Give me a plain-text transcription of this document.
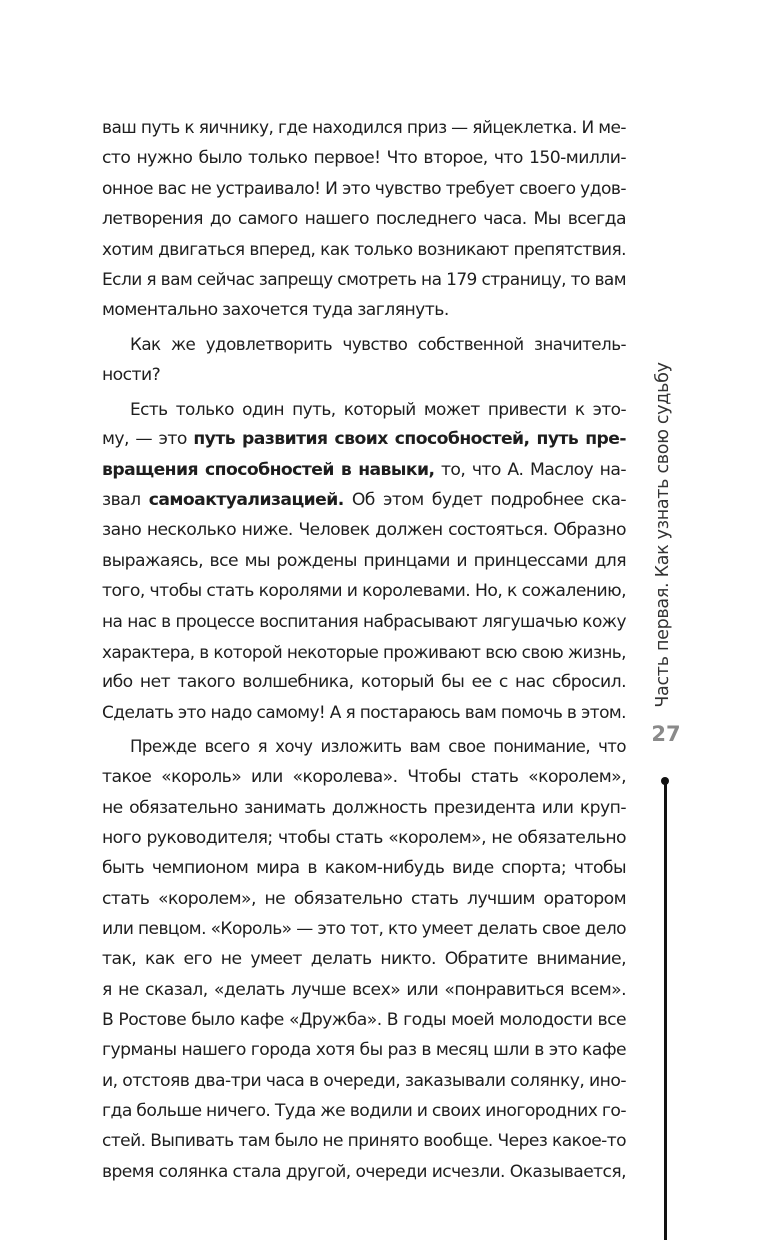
ваш путь к яичнику, где находился приз — яйцеклетка. И ме-
сто нужно было только первое! Что второе, что 150-милли-
онное вас не устраивало! И это чувство требует своего удов-
летворения до самого нашего последнего часа. Мы всегда
хотим двигаться вперед, как только возникают препятствия.
Если я вам сейчас запрещу смотреть на 179 страницу, то вам
моментально захочется туда заглянуть.
Как же удовлетворить чувство собственной значитель-
ности?
Есть только один путь, который может привести к это-
му, — это путь развития своих способностей, путь пре-
вращения способностей в навыки, то, что А. Маслоу на-
звал самоактуализацией. Об этом будет подробнее ска-
зано несколько ниже. Человек должен состояться. Образно
выражаясь, все мы рождены принцами и принцессами для
того, чтобы стать королями и королевами. Но, к сожалению,
на нас в процессе воспитания набрасывают лягушачью кожу
характера, в которой некоторые проживают всю свою жизнь,
ибо нет такого волшебника, который бы ее с нас сбросил.
Сделать это надо самому! А я постараюсь вам помочь в этом.
Прежде всего я хочу изложить вам свое понимание, что
такое «король» или «королева». Чтобы стать «королем»,
не обязательно занимать должность президента или круп-
ного руководителя; чтобы стать «королем», не обязательно
быть чемпионом мира в каком-нибудь виде спорта; чтобы
стать «королем», не обязательно стать лучшим оратором
или певцом. «Король» — это тот, кто умеет делать свое дело
так, как его не умеет делать никто. Обратите внимание,
я не сказал, «делать лучше всех» или «понравиться всем».
В Ростове было кафе «Дружба». В годы моей молодости все
гурманы нашего города хотя бы раз в месяц шли в это кафе
и, отстояв два-три часа в очереди, заказывали солянку, ино-
гда больше ничего. Туда же водили и своих иногородних го-
стей. Выпивать там было не принято вообще. Через какое-то
время солянка стала другой, очереди исчезли. Оказывается,
Часть первая. Как узнать свою судьбу
27
